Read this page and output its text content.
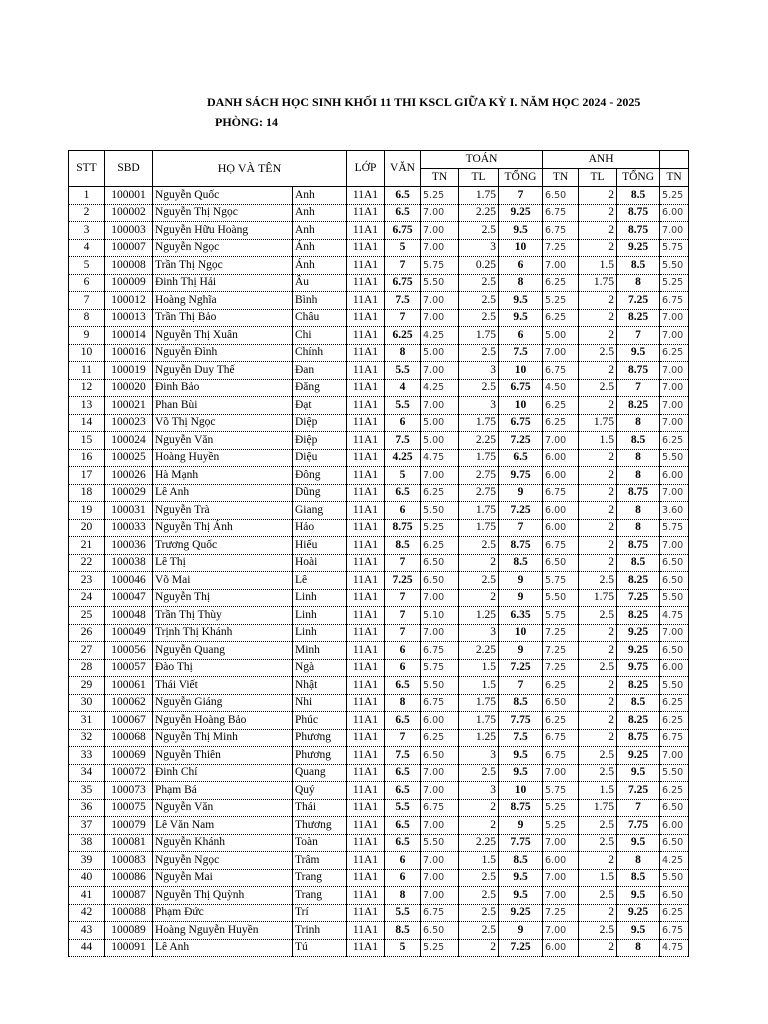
DANH SÁCH HỌC SINH KHỐI 11 THI KSCL GIỮA KỲ I. NĂM HỌC 2024 - 2025
PHÒNG: 14
STT	SBD	HỌ VÀ TÊN		LỚP	VĂN	TOÁN			ANH			
						TN	TL	TỔNG	TN	TL	TỔNG	TN
1	100001	Nguyễn Quốc	Anh	11A1	6.5	5.25	1.75	7	6.50	2	8.5	5.25
2	100002	Nguyễn Thị Ngọc	Anh	11A1	6.5	7.00	2.25	9.25	6.75	2	8.75	6.00
3	100003	Nguyễn Hữu Hoàng	Anh	11A1	6.75	7.00	2.5	9.5	6.75	2	8.75	7.00
4	100007	Nguyễn Ngọc	Ánh	11A1	5	7.00	3	10	7.25	2	9.25	5.75
5	100008	Trần Thị Ngọc	Ánh	11A1	7	5.75	0.25	6	7.00	1.5	8.5	5.50
6	100009	Đinh Thị Hải	Âu	11A1	6.75	5.50	2.5	8	6.25	1.75	8	5.25
7	100012	Hoàng Nghĩa	Bình	11A1	7.5	7.00	2.5	9.5	5.25	2	7.25	6.75
8	100013	Trần Thị Bảo	Châu	11A1	7	7.00	2.5	9.5	6.25	2	8.25	7.00
9	100014	Nguyễn Thị Xuân	Chi	11A1	6.25	4.25	1.75	6	5.00	2	7	7.00
10	100016	Nguyễn Đình	Chính	11A1	8	5.00	2.5	7.5	7.00	2.5	9.5	6.25
11	100019	Nguyễn Duy Thế	Đan	11A1	5.5	7.00	3	10	6.75	2	8.75	7.00
12	100020	Đinh Bảo	Đăng	11A1	4	4.25	2.5	6.75	4.50	2.5	7	7.00
13	100021	Phan Bùi	Đạt	11A1	5.5	7.00	3	10	6.25	2	8.25	7.00
14	100023	Võ Thị Ngọc	Diệp	11A1	6	5.00	1.75	6.75	6.25	1.75	8	7.00
15	100024	Nguyễn Văn	Điệp	11A1	7.5	5.00	2.25	7.25	7.00	1.5	8.5	6.25
16	100025	Hoàng Huyền	Diệu	11A1	4.25	4.75	1.75	6.5	6.00	2	8	5.50
17	100026	Hà Mạnh	Đông	11A1	5	7.00	2.75	9.75	6.00	2	8	6.00
18	100029	Lê Anh	Dũng	11A1	6.5	6.25	2.75	9	6.75	2	8.75	7.00
19	100031	Nguyễn Trà	Giang	11A1	6	5.50	1.75	7.25	6.00	2	8	3.60
20	100033	Nguyễn Thị Ánh	Hảo	11A1	8.75	5.25	1.75	7	6.00	2	8	5.75
21	100036	Trương Quốc	Hiếu	11A1	8.5	6.25	2.5	8.75	6.75	2	8.75	7.00
22	100038	Lê Thị	Hoài	11A1	7	6.50	2	8.5	6.50	2	8.5	6.50
23	100046	Võ Mai	Lê	11A1	7.25	6.50	2.5	9	5.75	2.5	8.25	6.50
24	100047	Nguyễn Thị	Linh	11A1	7	7.00	2	9	5.50	1.75	7.25	5.50
25	100048	Trần Thị Thùy	Linh	11A1	7	5.10	1.25	6.35	5.75	2.5	8.25	4.75
26	100049	Trịnh Thị Khánh	Linh	11A1	7	7.00	3	10	7.25	2	9.25	7.00
27	100056	Nguyễn Quang	Minh	11A1	6	6.75	2.25	9	7.25	2	9.25	6.50
28	100057	Đào Thị	Ngà	11A1	6	5.75	1.5	7.25	7.25	2.5	9.75	6.00
29	100061	Thái Viết	Nhật	11A1	6.5	5.50	1.5	7	6.25	2	8.25	5.50
30	100062	Nguyễn Giáng	Nhi	11A1	8	6.75	1.75	8.5	6.50	2	8.5	6.25
31	100067	Nguyễn Hoàng Bảo	Phúc	11A1	6.5	6.00	1.75	7.75	6.25	2	8.25	6.25
32	100068	Nguyễn Thị Minh	Phương	11A1	7	6.25	1.25	7.5	6.75	2	8.75	6.75
33	100069	Nguyễn Thiên	Phương	11A1	7.5	6.50	3	9.5	6.75	2.5	9.25	7.00
34	100072	Đinh Chí	Quang	11A1	6.5	7.00	2.5	9.5	7.00	2.5	9.5	5.50
35	100073	Phạm Bá	Quý	11A1	6.5	7.00	3	10	5.75	1.5	7.25	6.25
36	100075	Nguyễn Văn	Thái	11A1	5.5	6.75	2	8.75	5.25	1.75	7	6.50
37	100079	Lê Văn Nam	Thương	11A1	6.5	7.00	2	9	5.25	2.5	7.75	6.00
38	100081	Nguyễn Khánh	Toàn	11A1	6.5	5.50	2.25	7.75	7.00	2.5	9.5	6.50
39	100083	Nguyễn Ngọc	Trâm	11A1	6	7.00	1.5	8.5	6.00	2	8	4.25
40	100086	Nguyễn Mai	Trang	11A1	6	7.00	2.5	9.5	7.00	1.5	8.5	5.50
41	100087	Nguyễn Thị Quỳnh	Trang	11A1	8	7.00	2.5	9.5	7.00	2.5	9.5	6.50
42	100088	Phạm Đức	Trí	11A1	5.5	6.75	2.5	9.25	7.25	2	9.25	6.25
43	100089	Hoàng Nguyễn Huyền	Trinh	11A1	8.5	6.50	2.5	9	7.00	2.5	9.5	6.75
44	100091	Lê Anh	Tú	11A1	5	5.25	2	7.25	6.00	2	8	4.75
